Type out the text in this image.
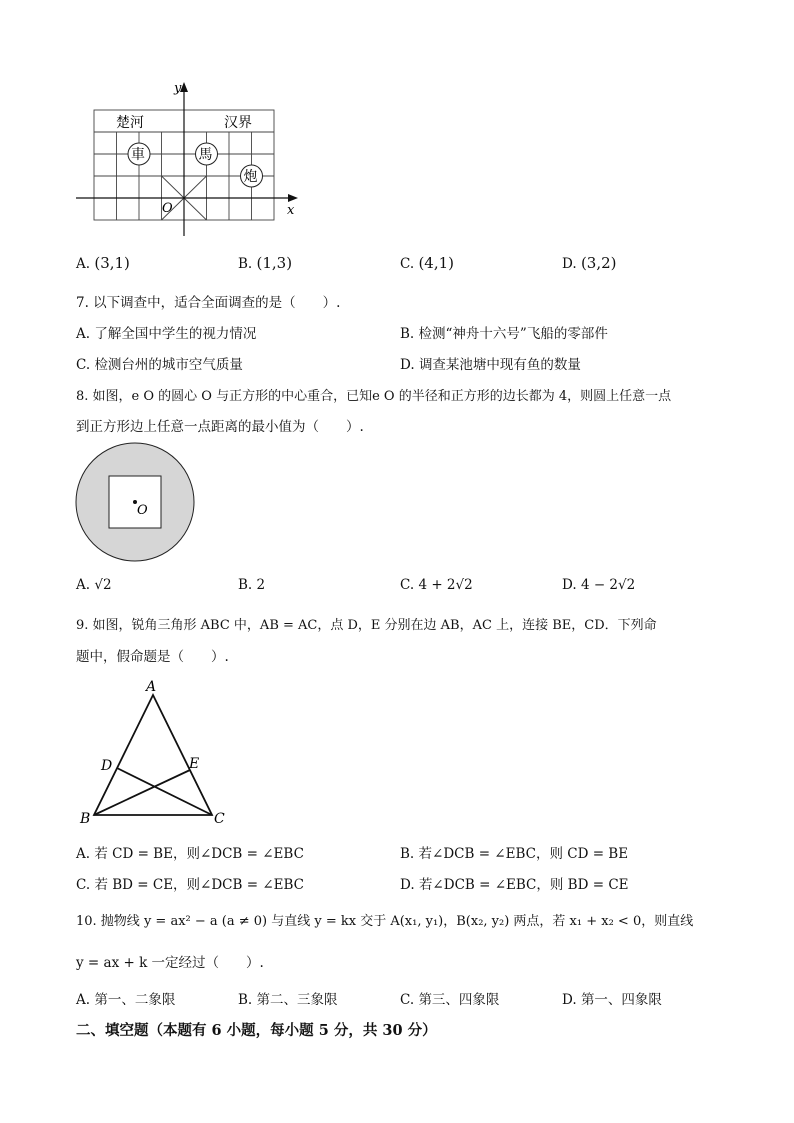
y
x
O
楚河	汉界
車	馬
炮
A. (3,1)	B. (1,3)	C. (4,1)	D. (3,2)
7. 以下调查中，适合全面调查的是（　　）.
A. 了解全国中学生的视力情况	B. 检测“神舟十六号”飞船的零部件
C. 检测台州的城市空气质量	D. 调查某池塘中现有鱼的数量
8. 如图，e O 的圆心 O 与正方形的中心重合，已知e O 的半径和正方形的边长都为 4，则圆上任意一点
到正方形边上任意一点距离的最小值为（　　）.
O
A. √2	B. 2	C. 4 + 2√2	D. 4 − 2√2
9. 如图，锐角三角形 ABC 中，AB = AC，点 D，E 分别在边 AB，AC 上，连接 BE，CD．下列命
题中，假命题是（　　）.
A
B	C
D	E
A. 若 CD = BE，则∠DCB = ∠EBC	B. 若∠DCB = ∠EBC，则 CD = BE
C. 若 BD = CE，则∠DCB = ∠EBC	D. 若∠DCB = ∠EBC，则 BD = CE
10. 抛物线 y = ax² − a (a ≠ 0) 与直线 y = kx 交于 A(x₁, y₁)，B(x₂, y₂) 两点，若 x₁ + x₂ < 0，则直线
y = ax + k 一定经过（　　）.
A. 第一、二象限	B. 第二、三象限	C. 第三、四象限	D. 第一、四象限
二、填空题（本题有 6 小题，每小题 5 分，共 30 分）
